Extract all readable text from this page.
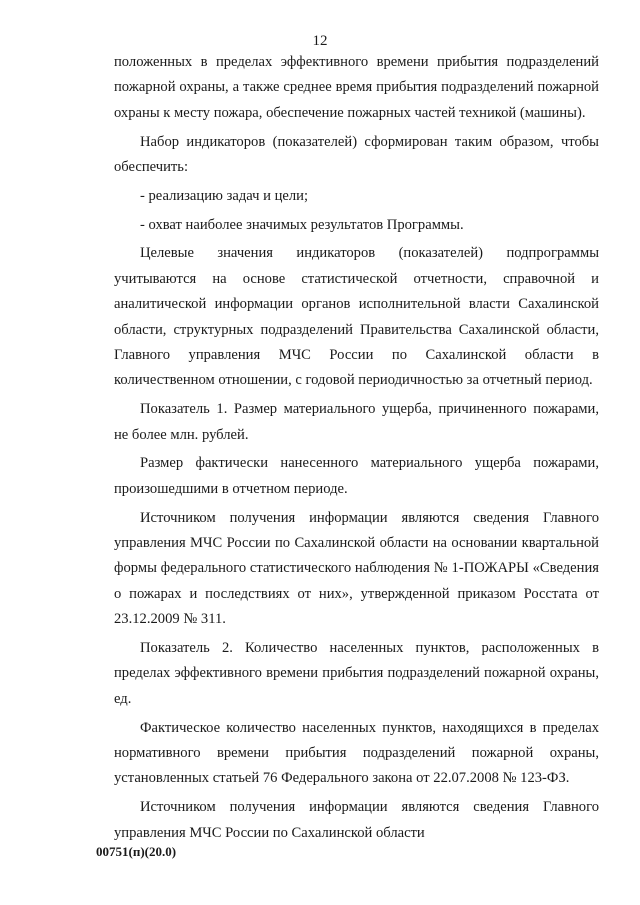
12

положенных в пределах эффективного времени прибытия подразделений пожарной охраны, а также среднее время прибытия подразделений пожарной охраны к месту пожара, обеспечение пожарных частей техникой (машины).

Набор индикаторов (показателей) сформирован таким образом, чтобы обеспечить:

- реализацию задач и цели;

- охват наиболее значимых результатов Программы.

Целевые значения индикаторов (показателей) подпрограммы учитываются на основе статистической отчетности, справочной и аналитической информации органов исполнительной власти Сахалинской области, структурных подразделений Правительства Сахалинской области, Главного управления МЧС России по Сахалинской области в количественном отношении, с годовой периодичностью за отчетный период.

Показатель 1. Размер материального ущерба, причиненного пожарами, не более млн. рублей.

Размер фактически нанесенного материального ущерба пожарами, произошедшими в отчетном периоде.

Источником получения информации являются сведения Главного управления МЧС России по Сахалинской области на основании квартальной формы федерального статистического наблюдения № 1-ПОЖАРЫ «Сведения о пожарах и последствиях от них», утвержденной приказом Росстата от 23.12.2009 № 311.

Показатель 2. Количество населенных пунктов, расположенных в пределах эффективного времени прибытия подразделений пожарной охраны, ед.

Фактическое количество населенных пунктов, находящихся в пределах нормативного времени прибытия подразделений пожарной охраны, установленных статьей 76 Федерального закона от 22.07.2008 № 123-ФЗ.

Источником получения информации являются сведения Главного управления МЧС России по Сахалинской области

00751(п)(20.0)
